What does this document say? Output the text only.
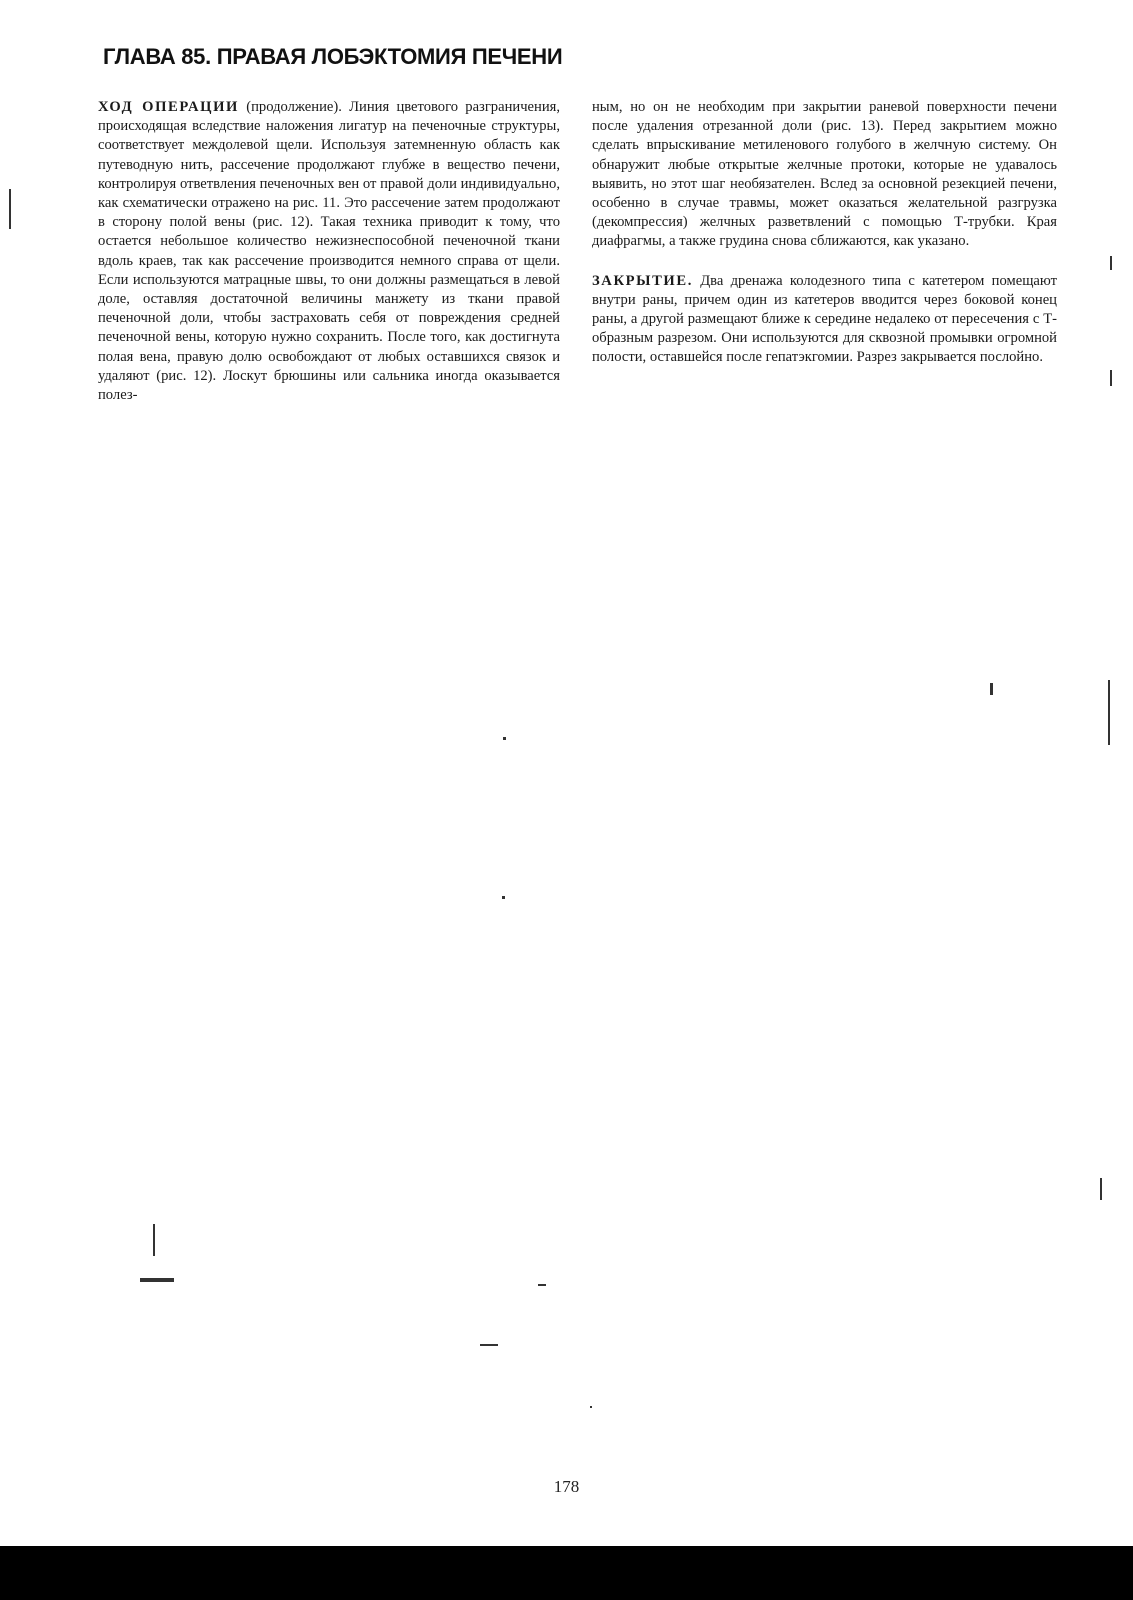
ГЛАВА 85. ПРАВАЯ ЛОБЭКТОМИЯ ПЕЧЕНИ

ХОД ОПЕРАЦИИ (продолжение). Линия цветового разграничения, происходящая вследствие наложения лигатур на печеночные структуры, соответствует междолевой щели. Используя затемненную область как путеводную нить, рассечение продолжают глубже в вещество печени, контролируя ответвления печеночных вен от правой доли индивидуально, как схематически отражено на рис. 11. Это рассечение затем продолжают в сторону полой вены (рис. 12). Такая техника приводит к тому, что остается небольшое количество нежизнеспособной печеночной ткани вдоль краев, так как рассечение производится немного справа от щели. Если используются матрацные швы, то они должны размещаться в левой доле, оставляя достаточной величины манжету из ткани правой печеночной доли, чтобы застраховать себя от повреждения средней печеночной вены, которую нужно сохранить. После того, как достигнута полая вена, правую долю освобождают от любых оставшихся связок и удаляют (рис. 12). Лоскут брюшины или сальника иногда оказывается полез-

ным, но он не необходим при закрытии раневой поверхности печени после удаления отрезанной доли (рис. 13). Перед закрытием можно сделать впрыскивание метиленового голубого в желчную систему. Он обнаружит любые открытые желчные протоки, которые не удавалось выявить, но этот шаг необязателен. Вслед за основной резекцией печени, особенно в случае травмы, может оказаться желательной разгрузка (декомпрессия) желчных разветвлений с помощью Т-трубки. Края диафрагмы, а также грудина снова сближаются, как указано.

ЗАКРЫТИЕ. Два дренажа колодезного типа с катетером помещают внутри раны, причем один из катетеров вводится через боковой конец раны, а другой размещают ближе к середине недалеко от пересечения с Т-образным разрезом. Они используются для сквозной промывки огромной полости, оставшейся после гепатэкгомии. Разрез закрывается послойно.

178
